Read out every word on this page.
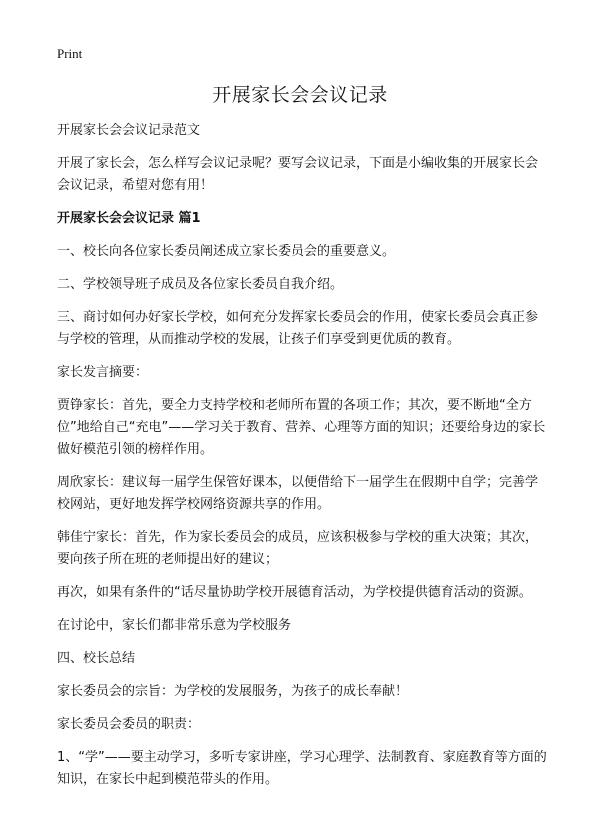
Print
开展家长会会议记录

开展家长会会议记录范文

开展了家长会，怎么样写会议记录呢？要写会议记录，下面是小编收集的开展家长会会议记录，希望对您有用！

开展家长会会议记录 篇1

一、校长向各位家长委员阐述成立家长委员会的重要意义。

二、学校领导班子成员及各位家长委员自我介绍。

三、商讨如何办好家长学校，如何充分发挥家长委员会的作用，使家长委员会真正参与学校的管理，从而推动学校的发展，让孩子们享受到更优质的教育。

家长发言摘要：

贾铮家长：首先，要全力支持学校和老师所布置的各项工作；其次，要不断地“全方位”地给自己“充电”——学习关于教育、营养、心理等方面的知识；还要给身边的家长做好模范引领的榜样作用。

周欣家长：建议每一届学生保管好课本，以便借给下一届学生在假期中自学；完善学校网站，更好地发挥学校网络资源共享的作用。

韩佳宁家长：首先，作为家长委员会的成员，应该积极参与学校的重大决策；其次，要向孩子所在班的老师提出好的建议；

再次，如果有条件的“话尽量协助学校开展德育活动，为学校提供德育活动的资源。

在讨论中，家长们都非常乐意为学校服务

四、校长总结

家长委员会的宗旨：为学校的发展服务，为孩子的成长奉献！

家长委员会委员的职责：

1、“学”——要主动学习，多听专家讲座，学习心理学、法制教育、家庭教育等方面的知识，在家长中起到模范带头的作用。
